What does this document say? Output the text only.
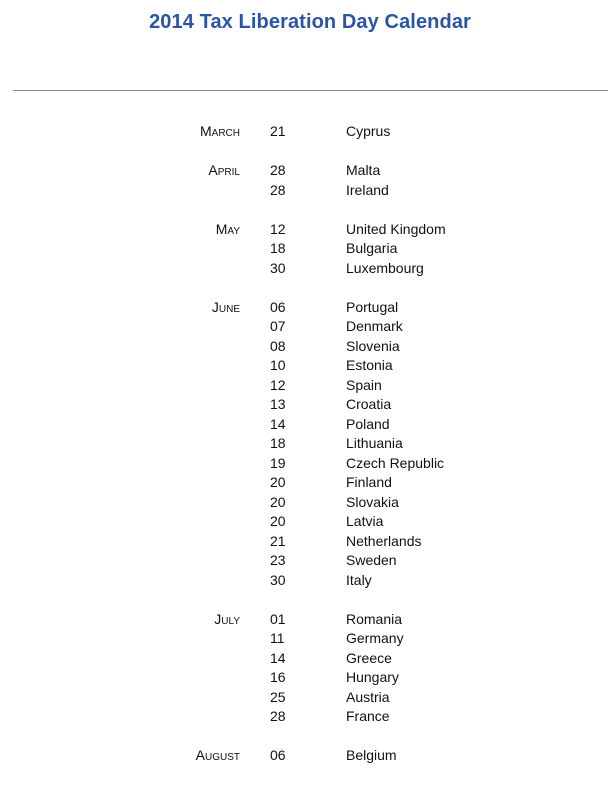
2014 Tax Liberation Day Calendar
March 21	Cyprus
April 28	Malta
28	Ireland
May 12	United Kingdom
18	Bulgaria
30	Luxembourg
June 06	Portugal
07	Denmark
08	Slovenia
10	Estonia
12	Spain
13	Croatia
14	Poland
18	Lithuania
19	Czech Republic
20	Finland
20	Slovakia
20	Latvia
21	Netherlands
23	Sweden
30	Italy
July 01	Romania
11	Germany
14	Greece
16	Hungary
25	Austria
28	France
August 06	Belgium
